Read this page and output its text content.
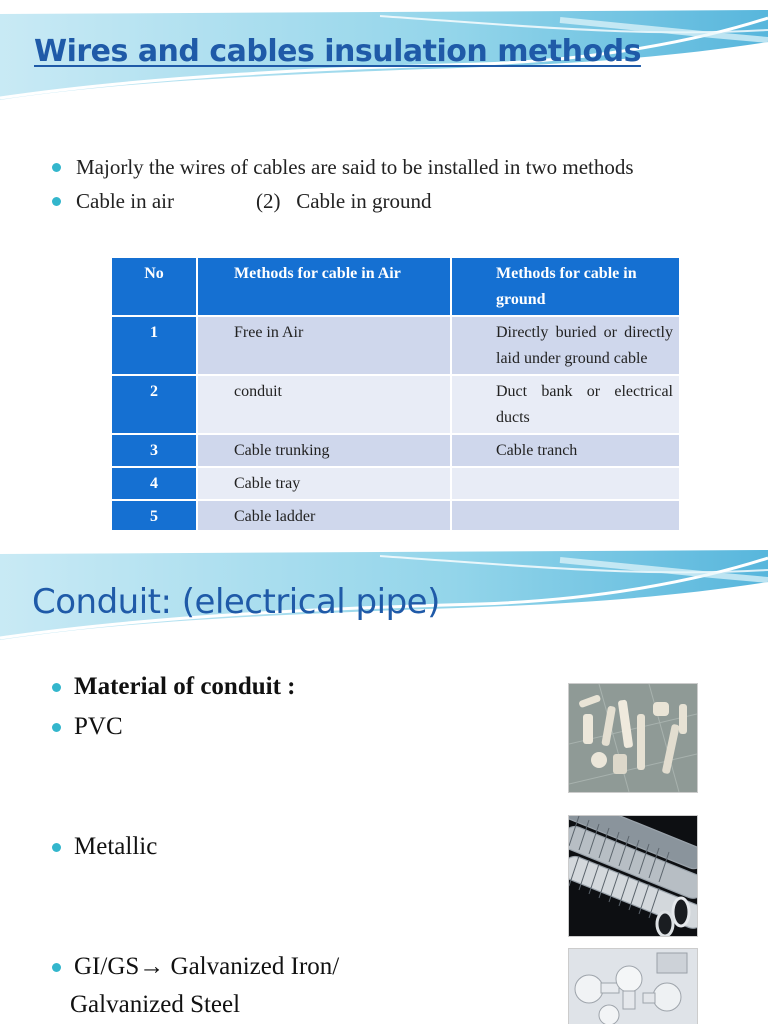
Wires and cables insulation methods
Majorly the wires of cables are said to be installed in two methods
Cable in air	(2)   Cable in ground
No	Methods for cable in Air	Methods for cable in ground
1	Free in Air	Directly buried or directly laid under ground cable
2	conduit	Duct bank or electrical ducts
3	Cable trunking	Cable tranch
4	Cable tray	
5	Cable ladder	
Conduit: (electrical pipe)
Material of conduit :
PVC
Metallic
GI/GS→ Galvanized Iron/
Galvanized Steel
